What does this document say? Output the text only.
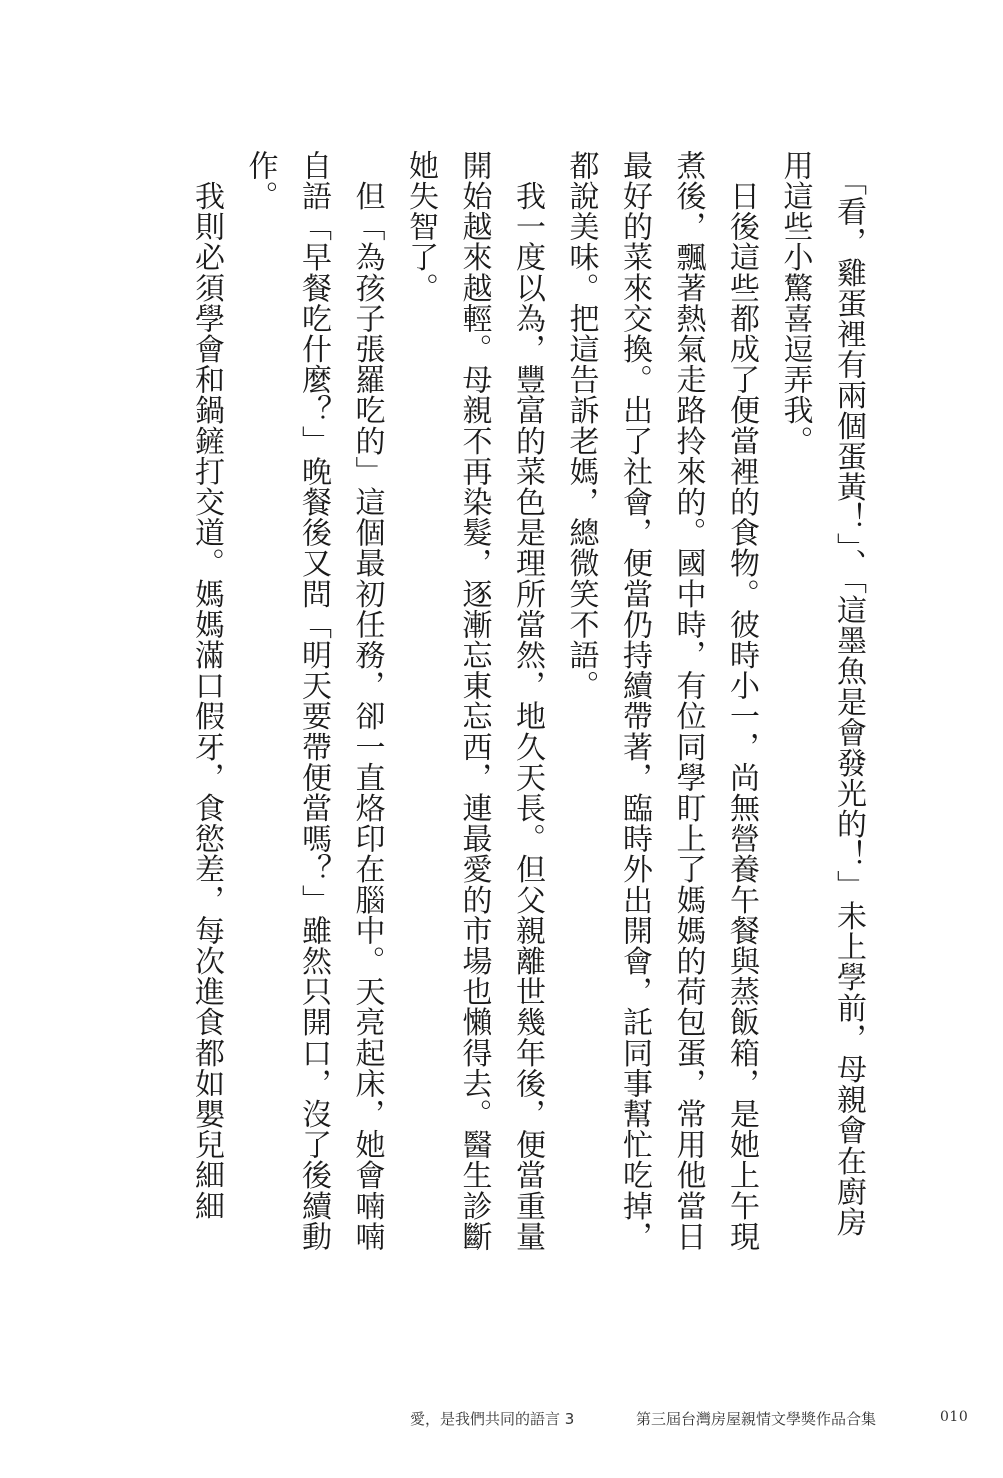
　「看，雞蛋裡有兩個蛋黃！」、「這墨魚是會發光的！」未上學前，母親會在廚房用這些小驚喜逗弄我。

　日後這些都成了便當裡的食物。彼時小一，尚無營養午餐與蒸飯箱，是她上午現煮後，飄著熱氣走路拎來的。國中時，有位同學盯上了媽媽的荷包蛋，常用他當日最好的菜來交換。出了社會，便當仍持續帶著，臨時外出開會，託同事幫忙吃掉，都說美味。把這告訴老媽，總微笑不語。

　我一度以為，豐富的菜色是理所當然，地久天長。但父親離世幾年後，便當重量開始越來越輕。母親不再染髮，逐漸忘東忘西，連最愛的市場也懶得去。醫生診斷她失智了。

　但「為孩子張羅吃的」這個最初任務，卻一直烙印在腦中。天亮起床，她會喃喃自語「早餐吃什麼？」晚餐後又問「明天要帶便當嗎？」雖然只開口，沒了後續動作。

　我則必須學會和鍋鏟打交道。媽媽滿口假牙，食慾差，每次進食都如嬰兒細細

愛，是我們共同的語言 3	第三屆台灣房屋親情文學獎作品合集	010
